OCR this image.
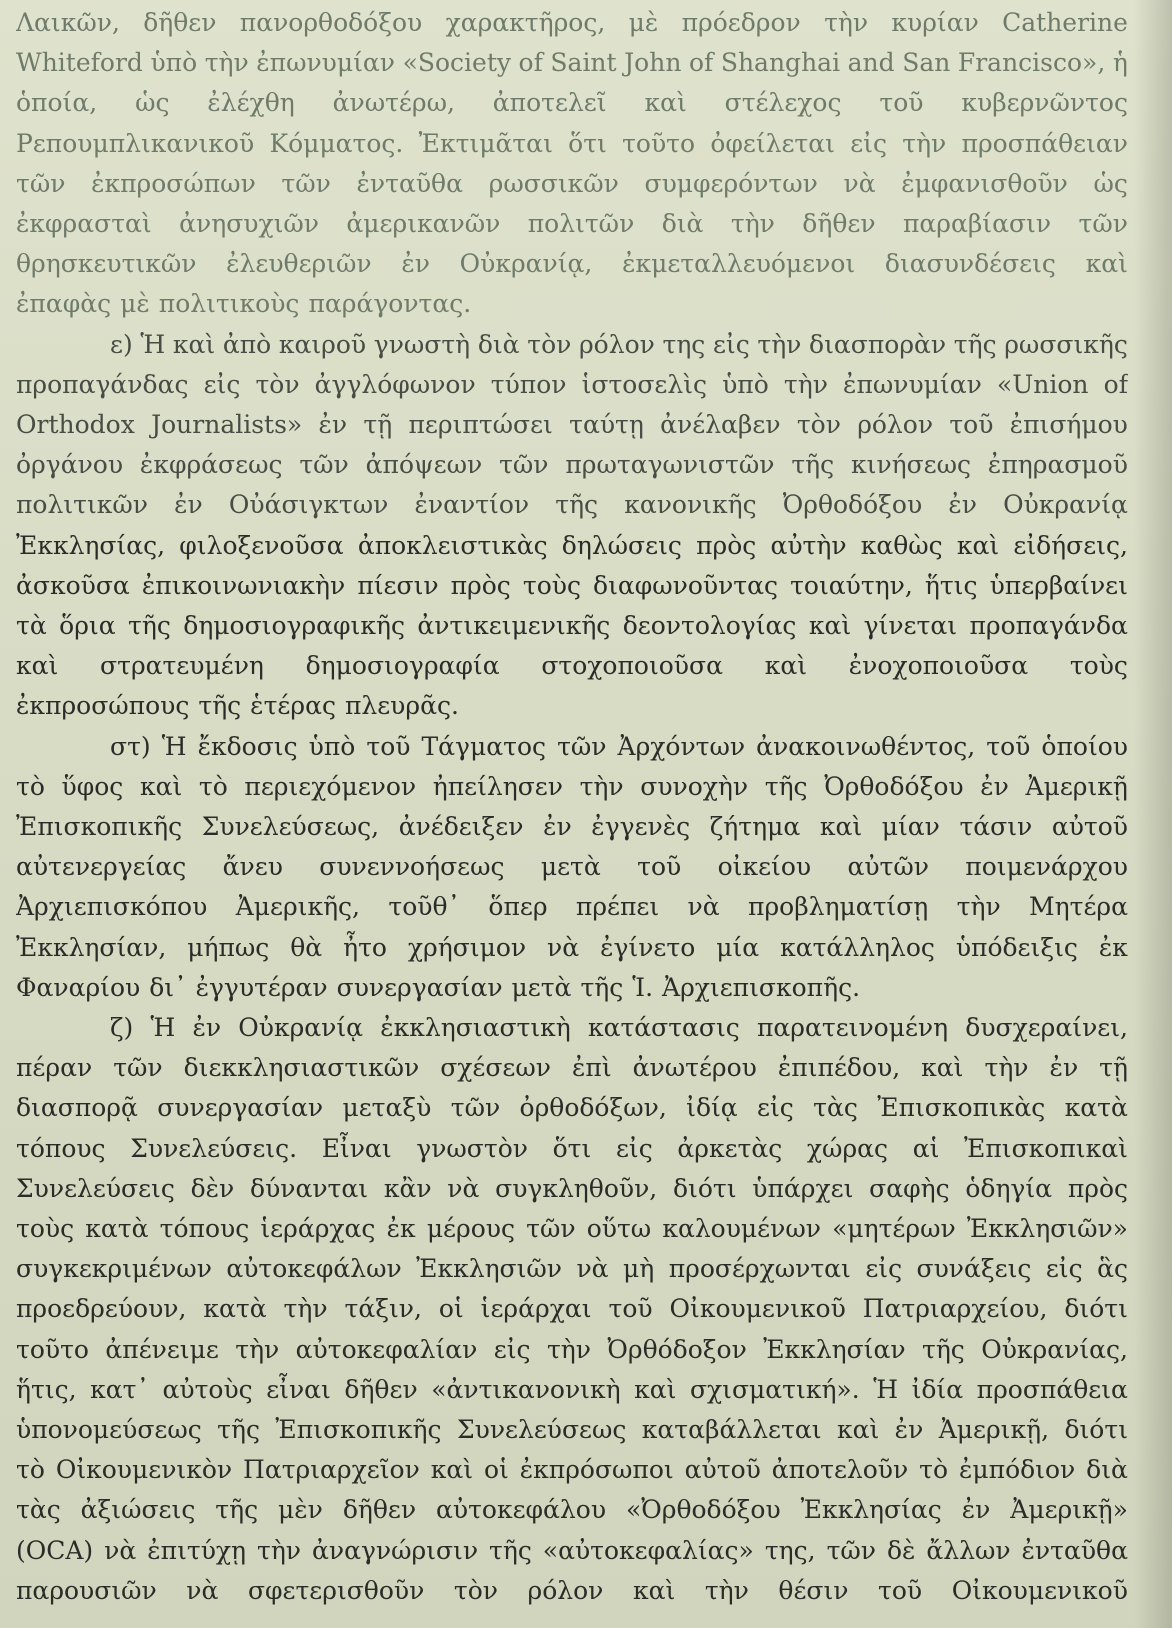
Λαικῶν, δῆθεν πανορθοδόξου χαρακτῆρος, μὲ πρόεδρον τὴν κυρίαν Catherine
Whiteford ὑπὸ τὴν ἐπωνυμίαν «Society of Saint John of Shanghai and San Francisco», ἡ
ὁποία, ὡς ἐλέχθη ἀνωτέρω, ἀποτελεῖ καὶ στέλεχος τοῦ κυβερνῶντος
Ρεπουμπλικανικοῦ Κόμματος. Ἐκτιμᾶται ὅτι τοῦτο ὀφείλεται εἰς τὴν προσπάθειαν
τῶν ἐκπροσώπων τῶν ἐνταῦθα ρωσσικῶν συμφερόντων νὰ ἐμφανισθοῦν ὡς
ἐκφρασταὶ ἀνησυχιῶν ἀμερικανῶν πολιτῶν διὰ τὴν δῆθεν παραβίασιν τῶν
θρησκευτικῶν ἐλευθεριῶν ἐν Οὐκρανίᾳ, ἐκμεταλλευόμενοι διασυνδέσεις καὶ
ἐπαφὰς μὲ πολιτικοὺς παράγοντας.
ε) Ἡ καὶ ἀπὸ καιροῦ γνωστὴ διὰ τὸν ρόλον της εἰς τὴν διασπορὰν τῆς ρωσσικῆς
προπαγάνδας εἰς τὸν ἀγγλόφωνον τύπον ἱστοσελὶς ὑπὸ τὴν ἐπωνυμίαν «Union of
Orthodox Journalists» ἐν τῇ περιπτώσει ταύτῃ ἀνέλαβεν τὸν ρόλον τοῦ ἐπισήμου
ὀργάνου ἐκφράσεως τῶν ἀπόψεων τῶν πρωταγωνιστῶν τῆς κινήσεως ἐπηρασμοῦ
πολιτικῶν ἐν Οὐάσιγκτων ἐναντίον τῆς κανονικῆς Ὀρθοδόξου ἐν Οὐκρανίᾳ
Ἐκκλησίας, φιλοξενοῦσα ἀποκλειστικὰς δηλώσεις πρὸς αὐτὴν καθὼς καὶ εἰδήσεις,
ἀσκοῦσα ἐπικοινωνιακὴν πίεσιν πρὸς τοὺς διαφωνοῦντας τοιαύτην, ἥτις ὑπερβαίνει
τὰ ὅρια τῆς δημοσιογραφικῆς ἀντικειμενικῆς δεοντολογίας καὶ γίνεται προπαγάνδα
καὶ στρατευμένη δημοσιογραφία στοχοποιοῦσα καὶ ἐνοχοποιοῦσα τοὺς
ἐκπροσώπους τῆς ἑτέρας πλευρᾶς.
στ) Ἡ ἔκδοσις ὑπὸ τοῦ Τάγματος τῶν Ἀρχόντων ἀνακοινωθέντος, τοῦ ὁποίου
τὸ ὕφος καὶ τὸ περιεχόμενον ἠπείλησεν τὴν συνοχὴν τῆς Ὀρθοδόξου ἐν Ἀμερικῇ
Ἐπισκοπικῆς Συνελεύσεως, ἀνέδειξεν ἐν ἐγγενὲς ζήτημα καὶ μίαν τάσιν αὐτοῦ
αὐτενεργείας ἄνευ συνεννοήσεως μετὰ τοῦ οἰκείου αὐτῶν ποιμενάρχου
Ἀρχιεπισκόπου Ἀμερικῆς, τοῦθ᾽ ὅπερ πρέπει νὰ προβληματίσῃ τὴν Μητέρα
Ἐκκλησίαν, μήπως θὰ ἦτο χρήσιμον νὰ ἐγίνετο μία κατάλληλος ὑπόδειξις ἐκ
Φαναρίου δι᾽ ἐγγυτέραν συνεργασίαν μετὰ τῆς Ἱ. Ἀρχιεπισκοπῆς.
ζ) Ἡ ἐν Οὐκρανίᾳ ἐκκλησιαστικὴ κατάστασις παρατεινομένη δυσχεραίνει,
πέραν τῶν διεκκλησιαστικῶν σχέσεων ἐπὶ ἀνωτέρου ἐπιπέδου, καὶ τὴν ἐν τῇ
διασπορᾷ συνεργασίαν μεταξὺ τῶν ὀρθοδόξων, ἰδίᾳ εἰς τὰς Ἐπισκοπικὰς κατὰ
τόπους Συνελεύσεις. Εἶναι γνωστὸν ὅτι εἰς ἀρκετὰς χώρας αἱ Ἐπισκοπικαὶ
Συνελεύσεις δὲν δύνανται κἂν νὰ συγκληθοῦν, διότι ὑπάρχει σαφὴς ὁδηγία πρὸς
τοὺς κατὰ τόπους ἱεράρχας ἐκ μέρους τῶν οὕτω καλουμένων «μητέρων Ἐκκλησιῶν»
συγκεκριμένων αὐτοκεφάλων Ἐκκλησιῶν νὰ μὴ προσέρχωνται εἰς συνάξεις εἰς ἃς
προεδρεύουν, κατὰ τὴν τάξιν, οἱ ἱεράρχαι τοῦ Οἰκουμενικοῦ Πατριαρχείου, διότι
τοῦτο ἀπένειμε τὴν αὐτοκεφαλίαν εἰς τὴν Ὀρθόδοξον Ἐκκλησίαν τῆς Οὐκρανίας,
ἥτις, κατ᾽ αὐτοὺς εἶναι δῆθεν «ἀντικανονικὴ καὶ σχισματική». Ἡ ἰδία προσπάθεια
ὑπονομεύσεως τῆς Ἐπισκοπικῆς Συνελεύσεως καταβάλλεται καὶ ἐν Ἀμερικῇ, διότι
τὸ Οἰκουμενικὸν Πατριαρχεῖον καὶ οἱ ἐκπρόσωποι αὐτοῦ ἀποτελοῦν τὸ ἐμπόδιον διὰ
τὰς ἀξιώσεις τῆς μὲν δῆθεν αὐτοκεφάλου «Ὀρθοδόξου Ἐκκλησίας ἐν Ἀμερικῇ»
(OCA) νὰ ἐπιτύχῃ τὴν ἀναγνώρισιν τῆς «αὐτοκεφαλίας» της, τῶν δὲ ἄλλων ἐνταῦθα
παρουσιῶν νὰ σφετερισθοῦν τὸν ρόλον καὶ τὴν θέσιν τοῦ Οἰκουμενικοῦ
